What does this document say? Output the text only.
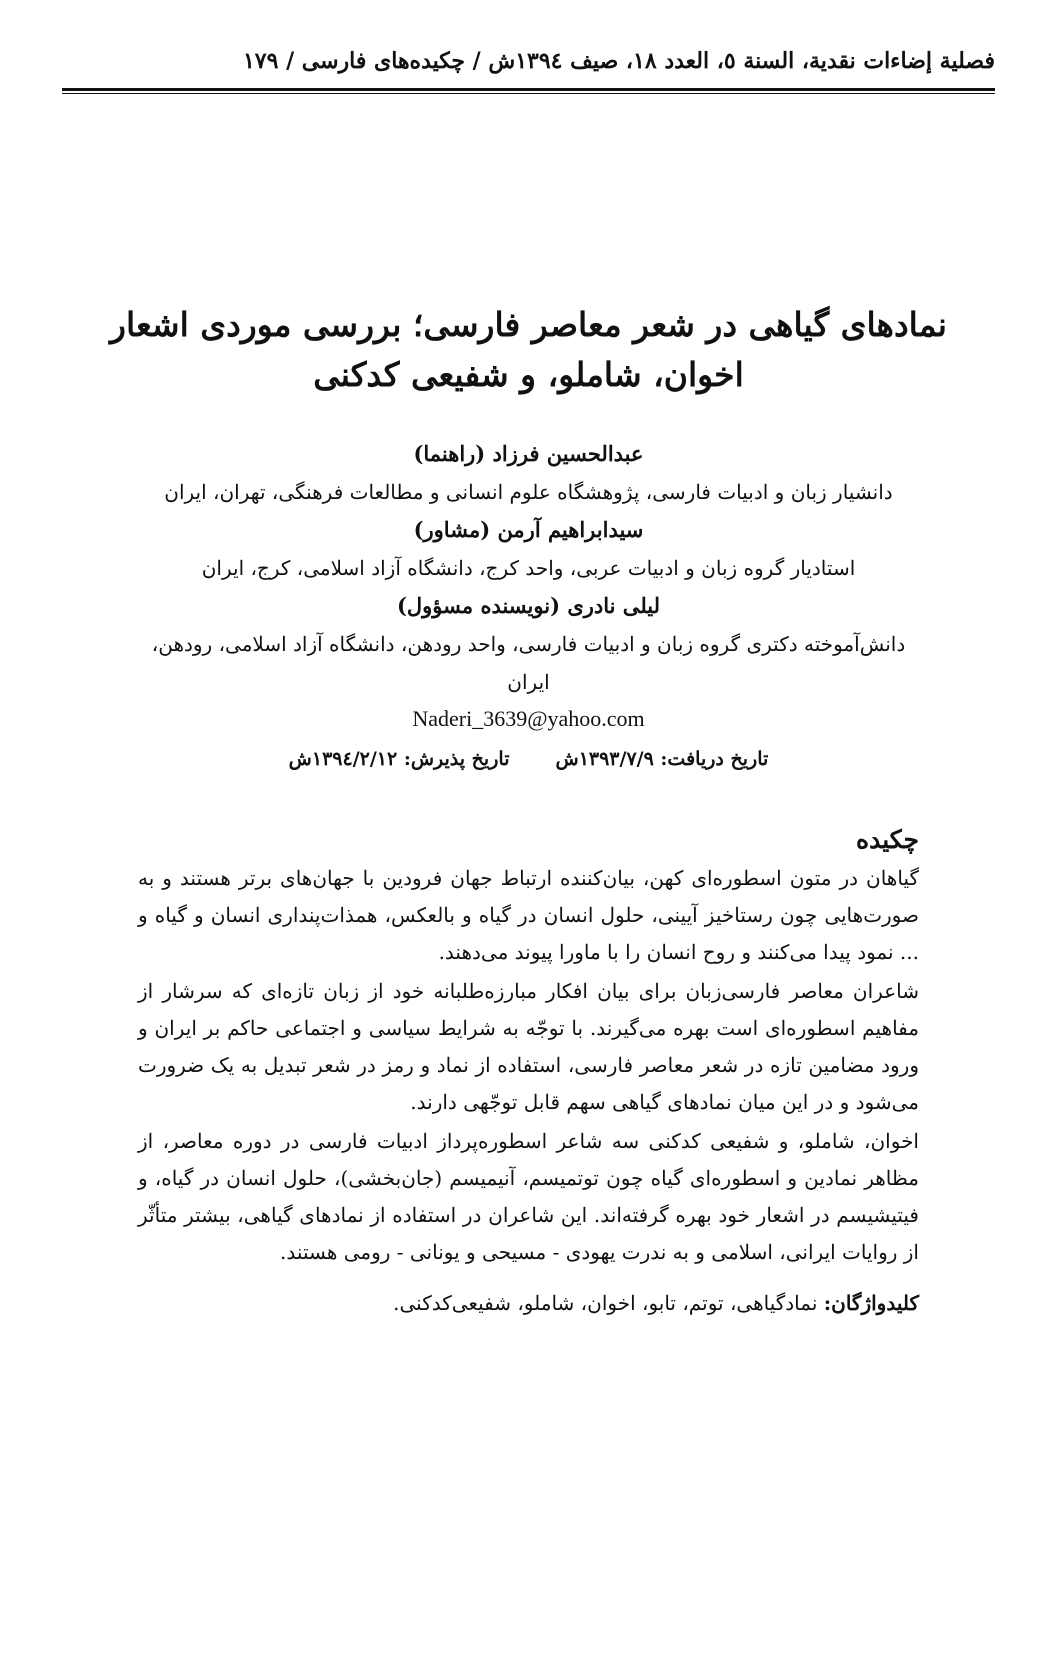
فصلية إضاءات نقدية، السنة ٥، العدد ١٨، صيف ١٣٩٤ش / چکیده‌های فارسی / ١٧٩
نمادهای گیاهی در شعر معاصر فارسی؛ بررسی موردی اشعار
اخوان، شاملو، و شفیعی کدکنی
عبدالحسین فرزاد (راهنما)
دانشیار زبان و ادبیات فارسی، پژوهشگاه علوم انسانی و مطالعات فرهنگی، تهران، ایران
سیدابراهیم آرمن (مشاور)
استادیار گروه زبان و ادبیات عربی، واحد کرج، دانشگاه آزاد اسلامی، کرج، ایران
لیلی نادری (نویسنده مسؤول)
دانش‌آموخته دکتری گروه زبان و ادبیات فارسی، واحد رودهن، دانشگاه آزاد اسلامی، رودهن،
ایران
Naderi_3639@yahoo.com
تاریخ دریافت: ١٣٩٣/٧/٩شتاریخ پذیرش: ١٣٩٤/٢/١٢ش
چکیده

گیاهان در متون اسطوره‌ای کهن، بیان‌کننده ارتباط جهان فرودین با جهان‌های برتر هستند و به صورت‌هایی چون رستاخیز آیینی، حلول انسان در گیاه و بالعکس، همذات‌پنداری انسان و گیاه و ... نمود پیدا می‌کنند و روح انسان را با ماورا پیوند می‌دهند.

شاعران معاصر فارسی‌زبان برای بیان افکار مبارزه‌طلبانه خود از زبان تازه‌ای که سرشار از مفاهیم اسطوره‌ای است بهره می‌گیرند. با توجّه به شرایط سیاسی و اجتماعی حاکم بر ایران و ورود مضامین تازه در شعر معاصر فارسی، استفاده از نماد و رمز در شعر تبدیل به یک ضرورت می‌شود و در این میان نمادهای گیاهی سهم قابل توجّهی دارند.

اخوان، شاملو، و شفیعی کدکنی سه شاعر اسطوره‌پرداز ادبیات فارسی در دوره معاصر، از مظاهر نمادین و اسطوره‌ای گیاه چون توتمیسم، آنیمیسم (جان‌بخشی)، حلول انسان در گیاه، و فیتیشیسم در اشعار خود بهره گرفته‌اند. این شاعران در استفاده از نمادهای گیاهی، بیشتر متأثّر از روایات ایرانی، اسلامی و به ندرت یهودی - مسیحی و یونانی - رومی هستند.

کلیدواژگان: نمادگیاهی، توتم، تابو، اخوان، شاملو، شفیعی‌کدکنی.
